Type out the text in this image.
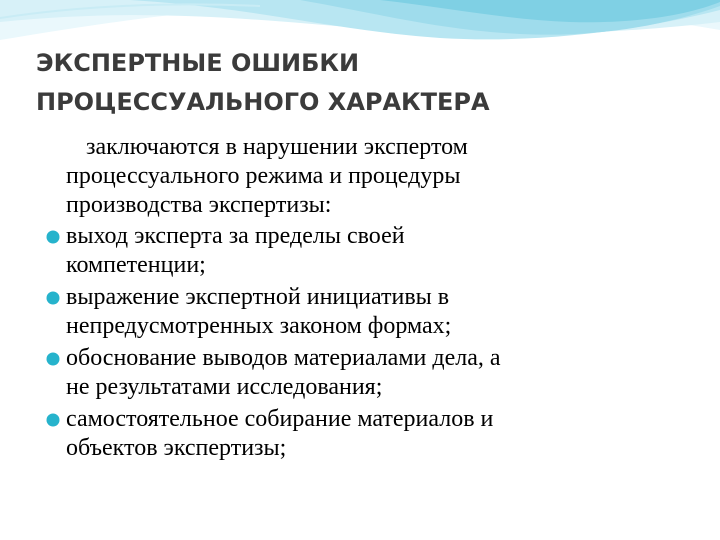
ЭКСПЕРТНЫЕ ОШИБКИ
ПРОЦЕССУАЛЬНОГО ХАРАКТЕРА

заключаются в нарушении экспертом
процессуального режима и процедуры
производства экспертизы:

выход эксперта за пределы своей
компетенции;
выражение экспертной инициативы в
непредусмотренных законом формах;
обоснование выводов материалами дела, а
не результатами исследования;
самостоятельное собирание материалов и
объектов экспертизы;
